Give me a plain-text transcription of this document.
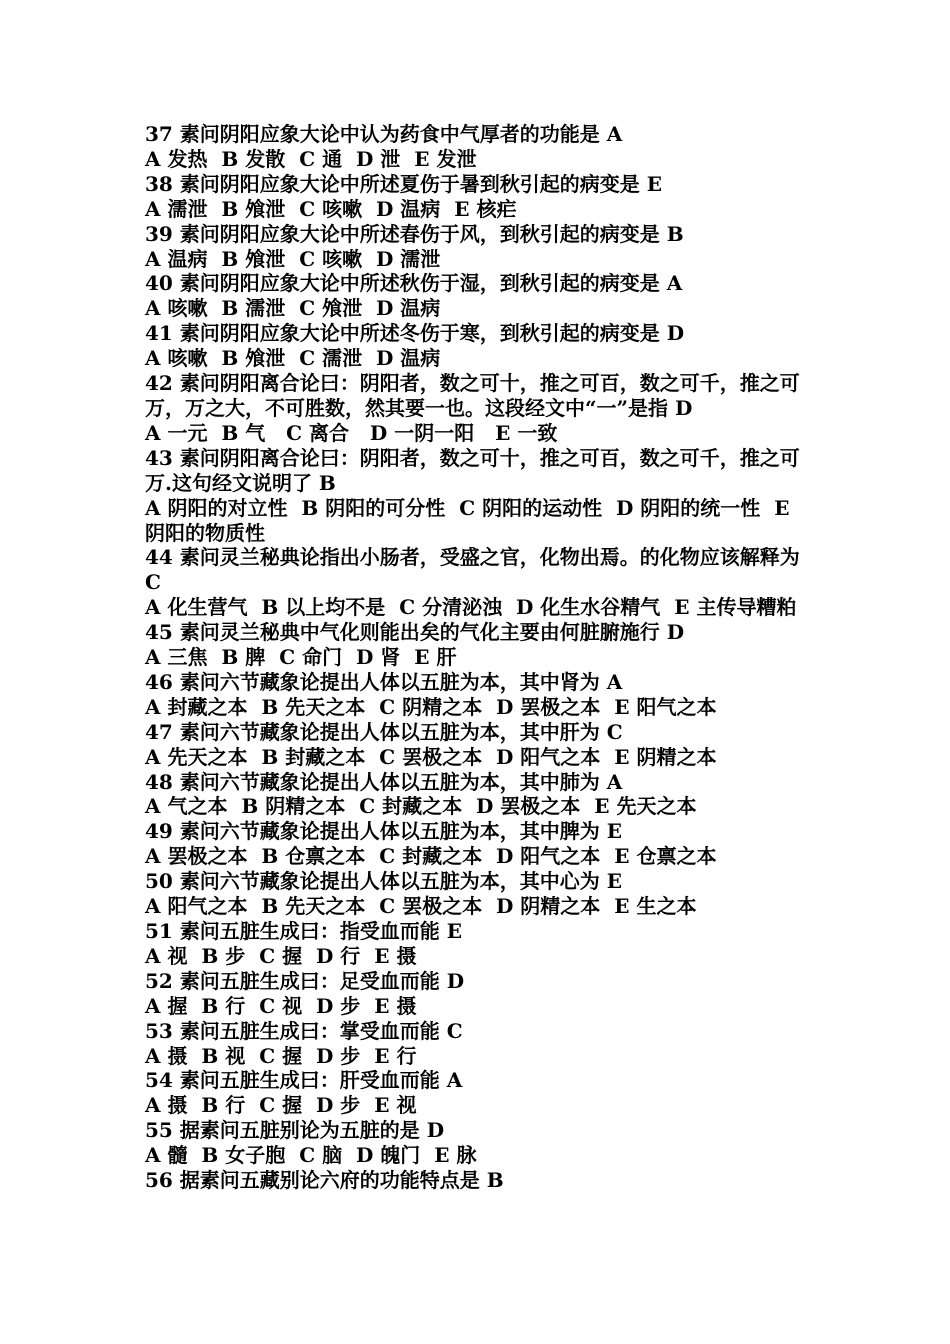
37 素问阴阳应象大论中认为药食中气厚者的功能是 A
A 发热  B 发散  C 通  D 泄  E 发泄
38 素问阴阳应象大论中所述夏伤于暑到秋引起的病变是 E
A 濡泄  B 飧泄  C 咳嗽  D 温病  E 核疟
39 素问阴阳应象大论中所述春伤于风，到秋引起的病变是 B
A 温病  B 飧泄  C 咳嗽  D 濡泄
40 素问阴阳应象大论中所述秋伤于湿，到秋引起的病变是 A
A 咳嗽  B 濡泄  C 飧泄  D 温病
41 素问阴阳应象大论中所述冬伤于寒，到秋引起的病变是 D
A 咳嗽  B 飧泄  C 濡泄  D 温病
42 素问阴阳离合论曰：阴阳者，数之可十，推之可百，数之可千，推之可万，万之大，不可胜数，然其要一也。这段经文中“一”是指 D
A 一元  B 气   C 离合   D 一阴一阳   E 一致
43 素问阴阳离合论曰：阴阳者，数之可十，推之可百，数之可千，推之可万.这句经文说明了 B
A 阴阳的对立性  B 阴阳的可分性  C 阴阳的运动性  D 阴阳的统一性  E 阴阳的物质性
44 素问灵兰秘典论指出小肠者，受盛之官，化物出焉。的化物应该解释为 C
A 化生营气  B 以上均不是  C 分清泌浊  D 化生水谷精气  E 主传导糟粕
45 素问灵兰秘典中气化则能出矣的气化主要由何脏腑施行 D
A 三焦  B 脾  C 命门  D 肾  E 肝
46 素问六节藏象论提出人体以五脏为本，其中肾为 A
A 封藏之本  B 先天之本  C 阴精之本  D 罢极之本  E 阳气之本
47 素问六节藏象论提出人体以五脏为本，其中肝为 C
A 先天之本  B 封藏之本  C 罢极之本  D 阳气之本  E 阴精之本
48 素问六节藏象论提出人体以五脏为本，其中肺为 A
A 气之本  B 阴精之本  C 封藏之本  D 罢极之本  E 先天之本
49 素问六节藏象论提出人体以五脏为本，其中脾为 E
A 罢极之本  B 仓禀之本  C 封藏之本  D 阳气之本  E 仓禀之本
50 素问六节藏象论提出人体以五脏为本，其中心为 E
A 阳气之本  B 先天之本  C 罢极之本  D 阴精之本  E 生之本
51 素问五脏生成曰：指受血而能 E
A 视  B 步  C 握  D 行  E 摄
52 素问五脏生成曰：足受血而能 D
A 握  B 行  C 视  D 步  E 摄
53 素问五脏生成曰：掌受血而能 C
A 摄  B 视  C 握  D 步  E 行
54 素问五脏生成曰：肝受血而能 A
A 摄  B 行  C 握  D 步  E 视
55 据素问五脏别论为五脏的是 D
A 髓  B 女子胞  C 脑  D 魄门  E 脉
56 据素问五藏别论六府的功能特点是 B
